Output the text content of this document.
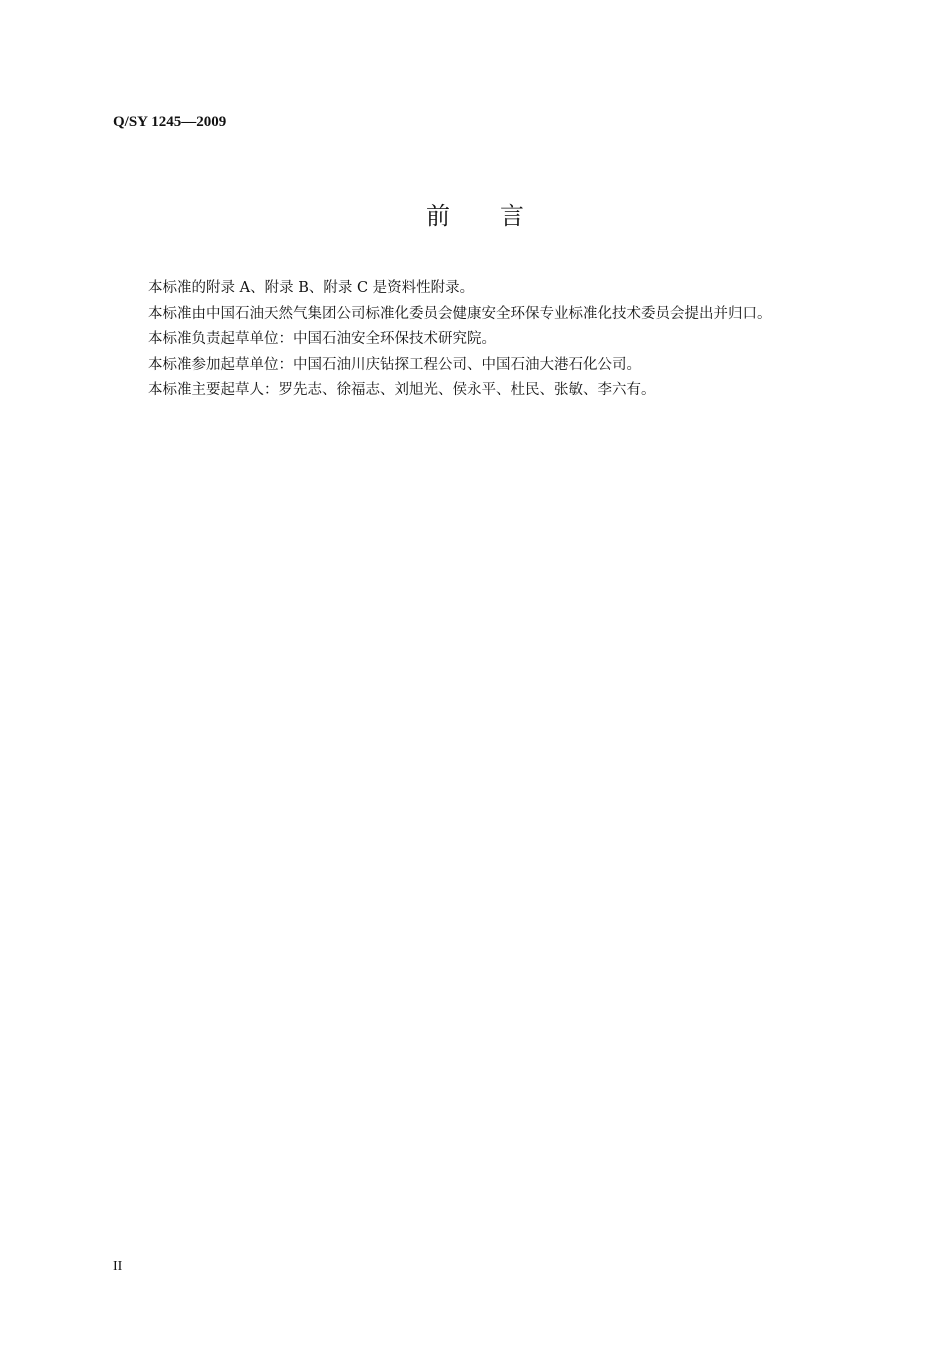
Q/SY 1245—2009
前 言
本标准的附录 A、附录 B、附录 C 是资料性附录。
本标准由中国石油天然气集团公司标准化委员会健康安全环保专业标准化技术委员会提出并归口。
本标准负责起草单位：中国石油安全环保技术研究院。
本标准参加起草单位：中国石油川庆钻探工程公司、中国石油大港石化公司。
本标准主要起草人：罗先志、徐福志、刘旭光、侯永平、杜民、张敏、李六有。
II
